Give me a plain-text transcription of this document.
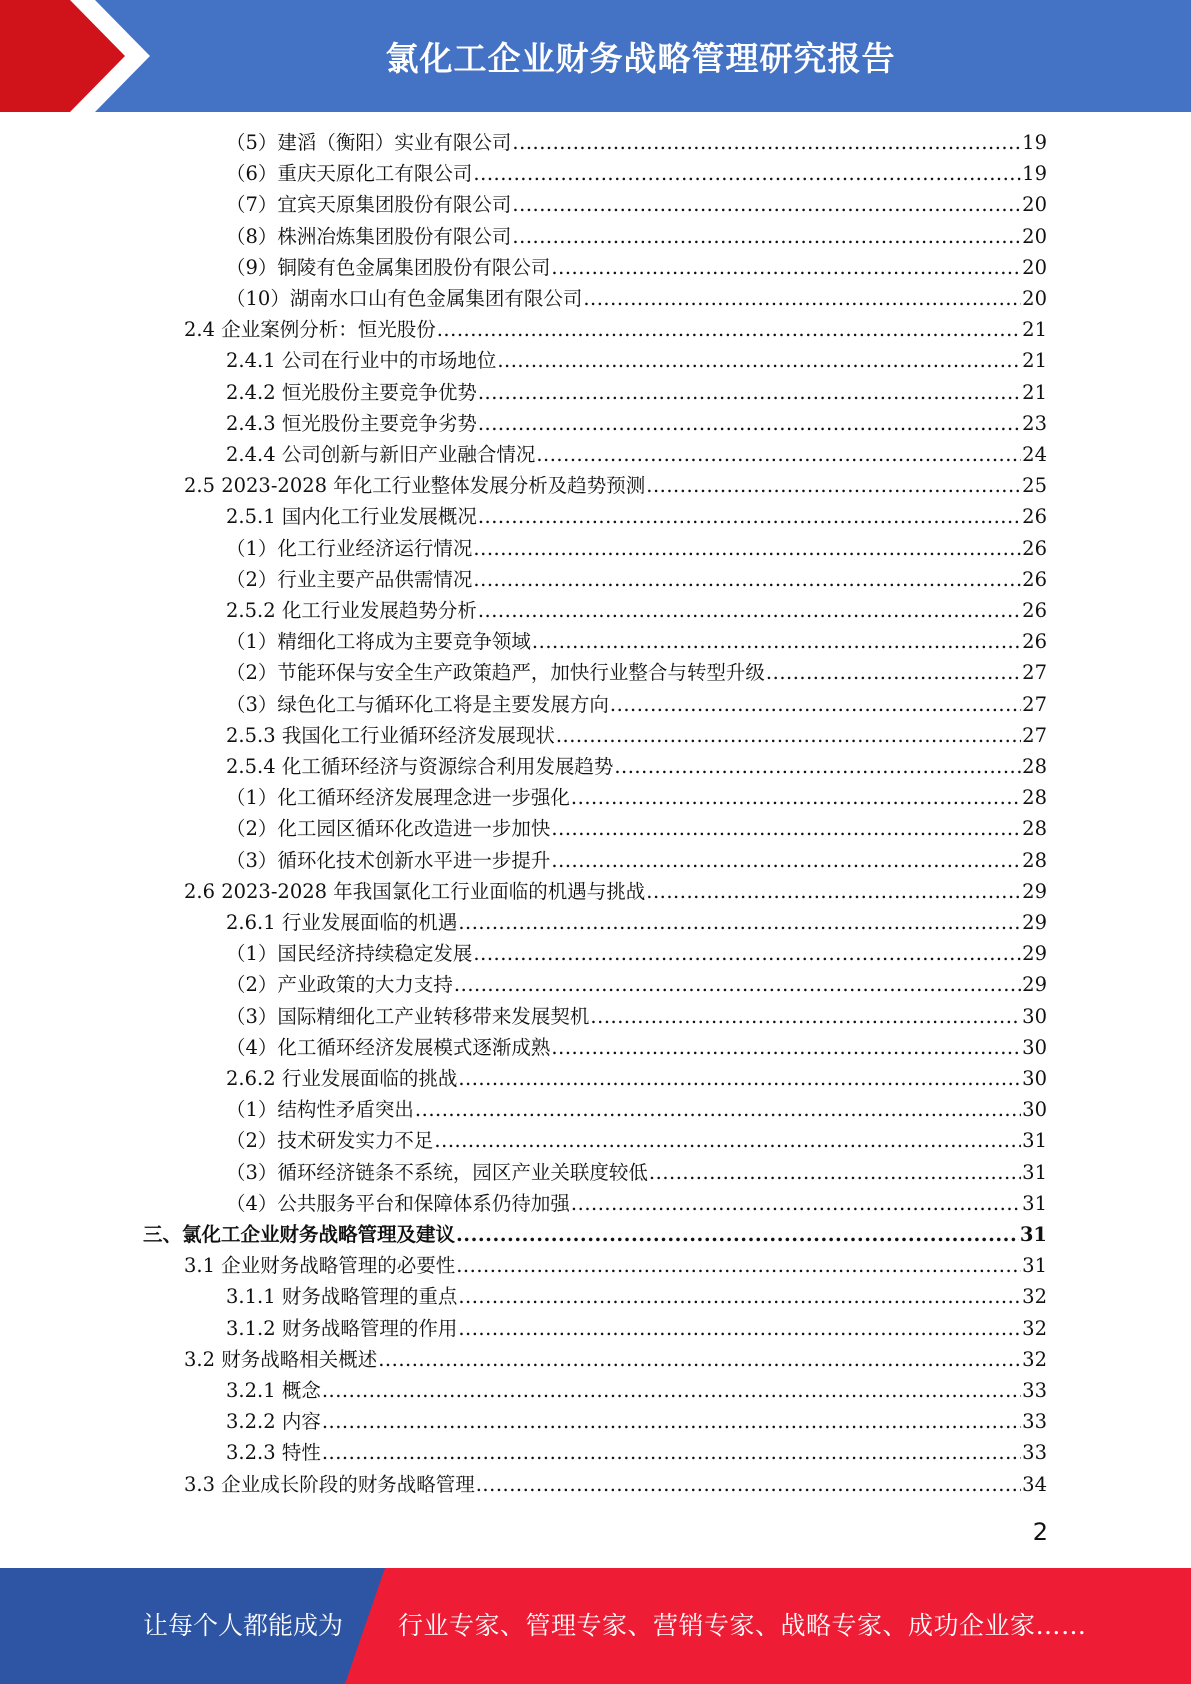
氯化工企业财务战略管理研究报告
（5）建滔（衡阳）实业有限公司 .....	19
（6）重庆天原化工有限公司 .....	19
（7）宜宾天原集团股份有限公司 .....	20
（8）株洲冶炼集团股份有限公司 .....	20
（9）铜陵有色金属集团股份有限公司 .....	20
（10）湖南水口山有色金属集团有限公司 .....	20
2.4 企业案例分析：恒光股份 .....	21
2.4.1 公司在行业中的市场地位 .....	21
2.4.2 恒光股份主要竞争优势 .....	21
2.4.3 恒光股份主要竞争劣势 .....	23
2.4.4 公司创新与新旧产业融合情况 .....	24
2.5 2023-2028 年化工行业整体发展分析及趋势预测 .....	25
2.5.1 国内化工行业发展概况 .....	26
（1）化工行业经济运行情况 .....	26
（2）行业主要产品供需情况 .....	26
2.5.2 化工行业发展趋势分析 .....	26
（1）精细化工将成为主要竞争领域 .....	26
（2）节能环保与安全生产政策趋严，加快行业整合与转型升级 .....	27
（3）绿色化工与循环化工将是主要发展方向 .....	27
2.5.3 我国化工行业循环经济发展现状 .....	27
2.5.4 化工循环经济与资源综合利用发展趋势 .....	28
（1）化工循环经济发展理念进一步强化 .....	28
（2）化工园区循环化改造进一步加快 .....	28
（3）循环化技术创新水平进一步提升 .....	28
2.6 2023-2028 年我国氯化工行业面临的机遇与挑战 .....	29
2.6.1 行业发展面临的机遇 .....	29
（1）国民经济持续稳定发展 .....	29
（2）产业政策的大力支持 .....	29
（3）国际精细化工产业转移带来发展契机 .....	30
（4）化工循环经济发展模式逐渐成熟 .....	30
2.6.2 行业发展面临的挑战 .....	30
（1）结构性矛盾突出 .....	30
（2）技术研发实力不足 .....	31
（3）循环经济链条不系统，园区产业关联度较低 .....	31
（4）公共服务平台和保障体系仍待加强 .....	31
三、氯化工企业财务战略管理及建议 .....	31
3.1 企业财务战略管理的必要性 .....	31
3.1.1 财务战略管理的重点 .....	32
3.1.2 财务战略管理的作用 .....	32
3.2 财务战略相关概述 .....	32
3.2.1 概念 .....	33
3.2.2 内容 .....	33
3.2.3 特性 .....	33
3.3 企业成长阶段的财务战略管理 .....	34
2
让每个人都能成为 行业专家、管理专家、营销专家、战略专家、成功企业家……
